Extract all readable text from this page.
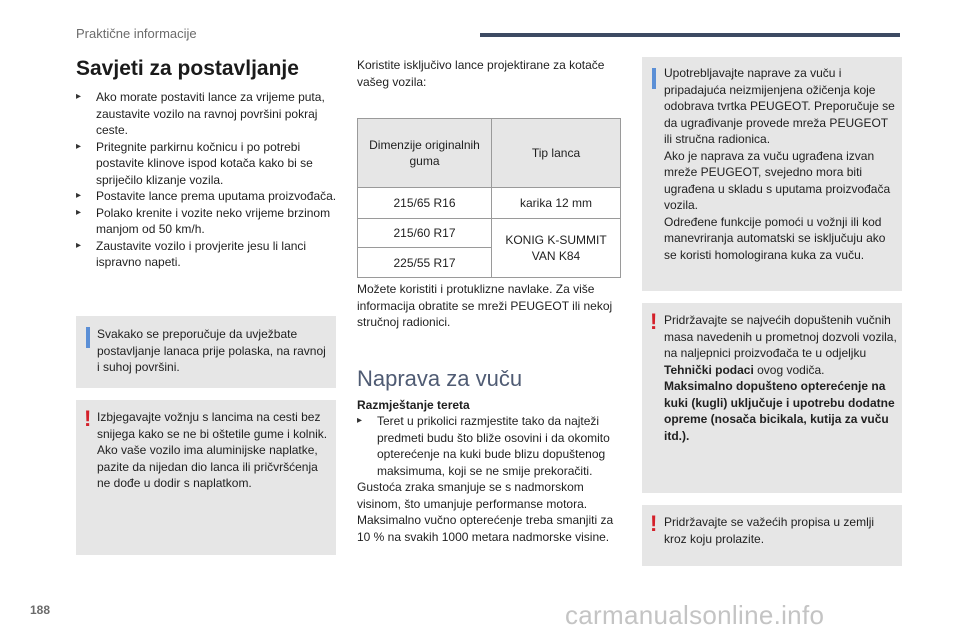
Praktične informacije
Savjeti za postavljanje
▸ Ako morate postaviti lance za vrijeme puta, zaustavite vozilo na ravnoj površini pokraj ceste.
▸ Pritegnite parkirnu kočnicu i po potrebi postavite klinove ispod kotača kako bi se spriječilo klizanje vozila.
▸ Postavite lance prema uputama proizvođača.
▸ Polako krenite i vozite neko vrijeme brzinom manjom od 50 km/h.
▸ Zaustavite vozilo i provjerite jesu li lanci ispravno napeti.
Svakako se preporučuje da uvježbate postavljanje lanaca prije polaska, na ravnoj i suhoj površini.
! Izbjegavajte vožnju s lancima na cesti bez snijega kako se ne bi oštetile gume i kolnik. Ako vaše vozilo ima aluminijske naplatke, pazite da nijedan dio lanca ili pričvršćenja ne dođe u dodir s naplatkom.
Koristite isključivo lance projektirane za kotače vašeg vozila:
Dimenzije originalnih guma	Tip lanca
215/65 R16	karika 12 mm
215/60 R17	KONIG K-SUMMIT VAN K84
225/55 R17	
Možete koristiti i protuklizne navlake. Za više informacija obratite se mreži PEUGEOT ili nekoj stručnoj radionici.
Naprava za vuču
Razmještanje tereta
▸ Teret u prikolici razmjestite tako da najteži predmeti budu što bliže osovini i da okomito opterećenje na kuki bude blizu dopuštenog maksimuma, koji se ne smije prekoračiti.
Gustoća zraka smanjuje se s nadmorskom visinom, što umanjuje performanse motora. Maksimalno vučno opterećenje treba smanjiti za 10 % na svakih 1000 metara nadmorske visine.
Upotrebljavajte naprave za vuču i pripadajuća neizmijenjena ožičenja koje odobrava tvrtka PEUGEOT. Preporučuje se da ugrađivanje provede mreža PEUGEOT ili stručna radionica.
Ako je naprava za vuču ugrađena izvan mreže PEUGEOT, svejedno mora biti ugrađena u skladu s uputama proizvođača vozila.
Određene funkcije pomoći u vožnji ili kod manevriranja automatski se isključuju ako se koristi homologirana kuka za vuču.
! Pridržavajte se najvećih dopuštenih vučnih masa navedenih u prometnoj dozvoli vozila, na naljepnici proizvođača te u odjeljku Tehnički podaci ovog vodiča.
Maksimalno dopušteno opterećenje na kuki (kugli) uključuje i upotrebu dodatne opreme (nosača bicikala, kutija za vuču itd.).
! Pridržavajte se važećih propisa u zemlji kroz koju prolazite.
188	carmanualsonline.info
